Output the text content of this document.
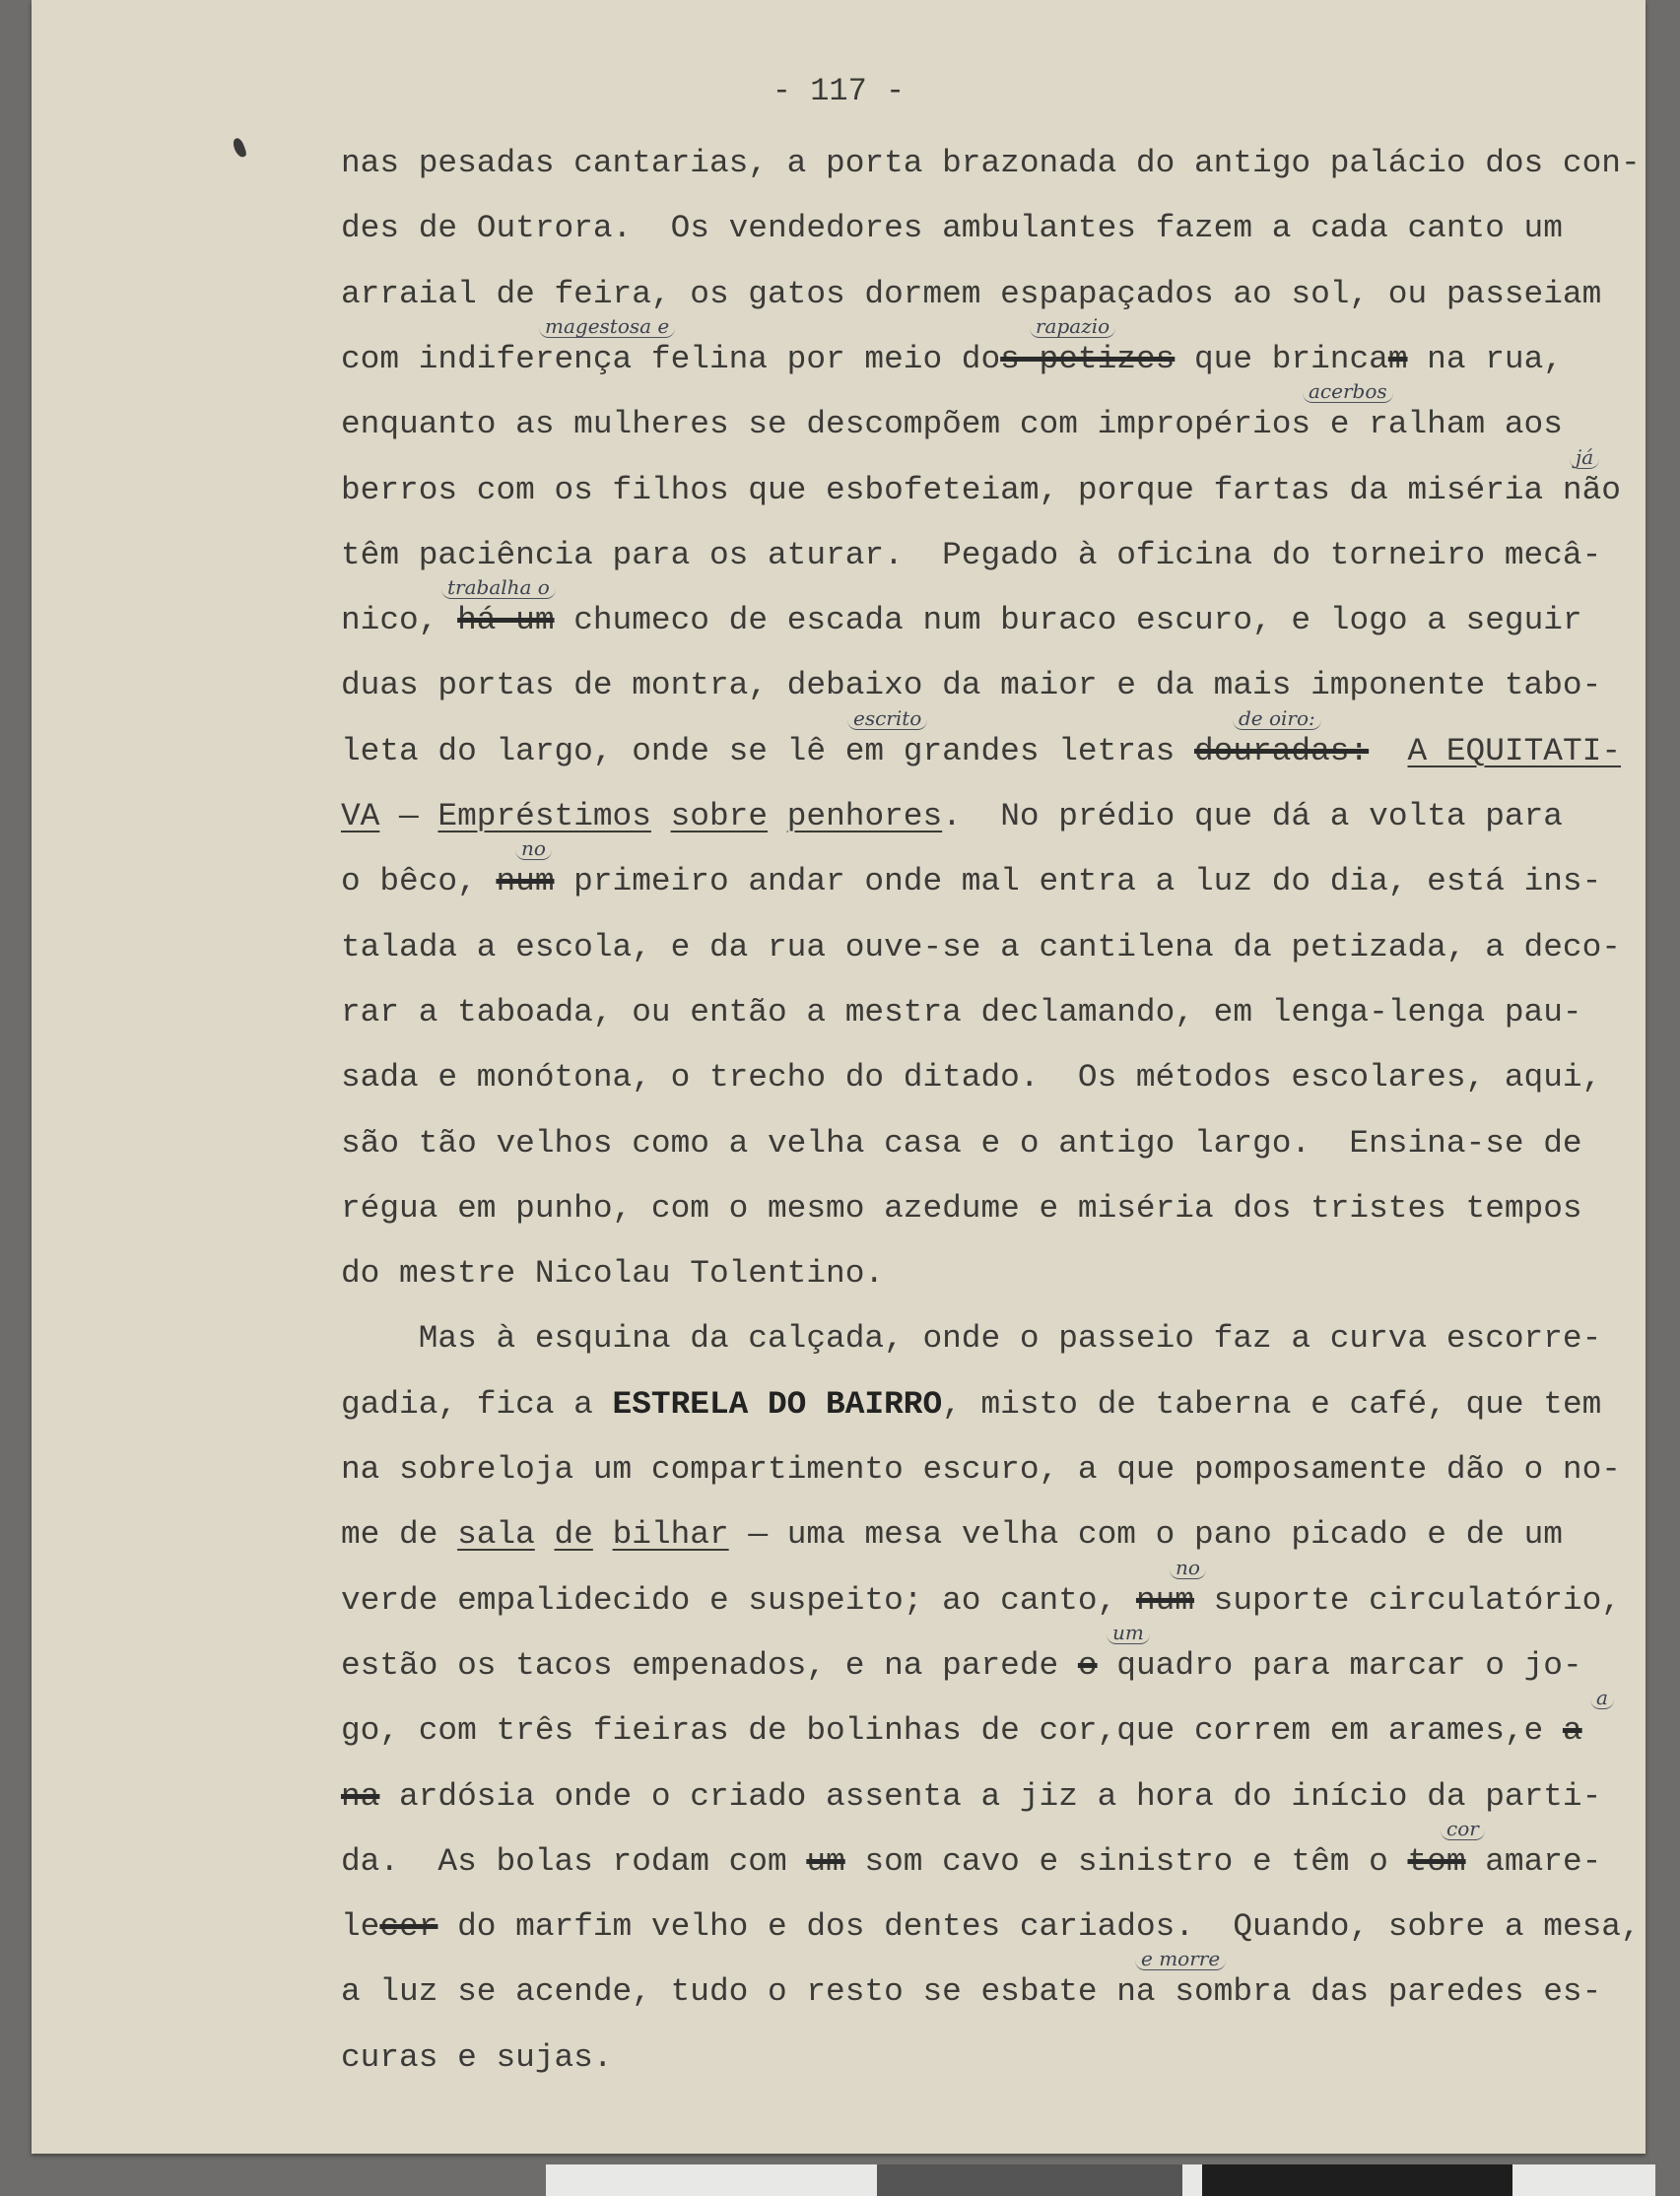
- 117 -
nas pesadas cantarias, a porta brazonada do antigo palácio dos con-
des de Outrora.  Os vendedores ambulantes fazem a cada canto um
arraial de feira, os gatos dormem espapaçados ao sol, ou passeiam
com indiferença felina por meio dos petizes que brincam na rua,
enquanto as mulheres se descompõem com impropérios e ralham aos
berros com os filhos que esbofeteiam, porque fartas da miséria não
têm paciência para os aturar.  Pegado à oficina do torneiro mecâ-
nico, há um chumeco de escada num buraco escuro, e logo a seguir
duas portas de montra, debaixo da maior e da mais imponente tabo-
leta do largo, onde se lê em grandes letras douradas: A EQUITATI-
VA — Empréstimos sobre penhores.  No prédio que dá a volta para
o bêco, num primeiro andar onde mal entra a luz do dia, está ins-
talada a escola, e da rua ouve-se a cantilena da petizada, a deco-
rar a taboada, ou então a mestra declamando, em lenga-lenga pau-
sada e monótona, o trecho do ditado.  Os métodos escolares, aqui,
são tão velhos como a velha casa e o antigo largo.  Ensina-se de
régua em punho, com o mesmo azedume e miséria dos tristes tempos
do mestre Nicolau Tolentino.
Mas à esquina da calçada, onde o passeio faz a curva escorre-
gadia, fica a ESTRELA DO BAIRRO, misto de taberna e café, que tem
na sobreloja um compartimento escuro, a que pomposamente dão o no-
me de sala de bilhar — uma mesa velha com o pano picado e de um
verde empalidecido e suspeito; ao canto, num suporte circulatório,
estão os tacos empenados, e na parede o quadro para marcar o jo-
go, com três fieiras de bolinhas de cor,que correm em arames,e a
na ardósia onde o criado assenta a jiz a hora do início da parti-
da.  As bolas rodam com um som cavo e sinistro e têm o tom amare-
lecer do marfim velho e dos dentes cariados.  Quando, sobre a mesa,
a luz se acende, tudo o resto se esbate na sombra das paredes es-
curas e sujas.
magestosa e	rapazio
acerbos
já
trabalha o
escrito	de oiro:
no
no
um
a
cor
e morre
